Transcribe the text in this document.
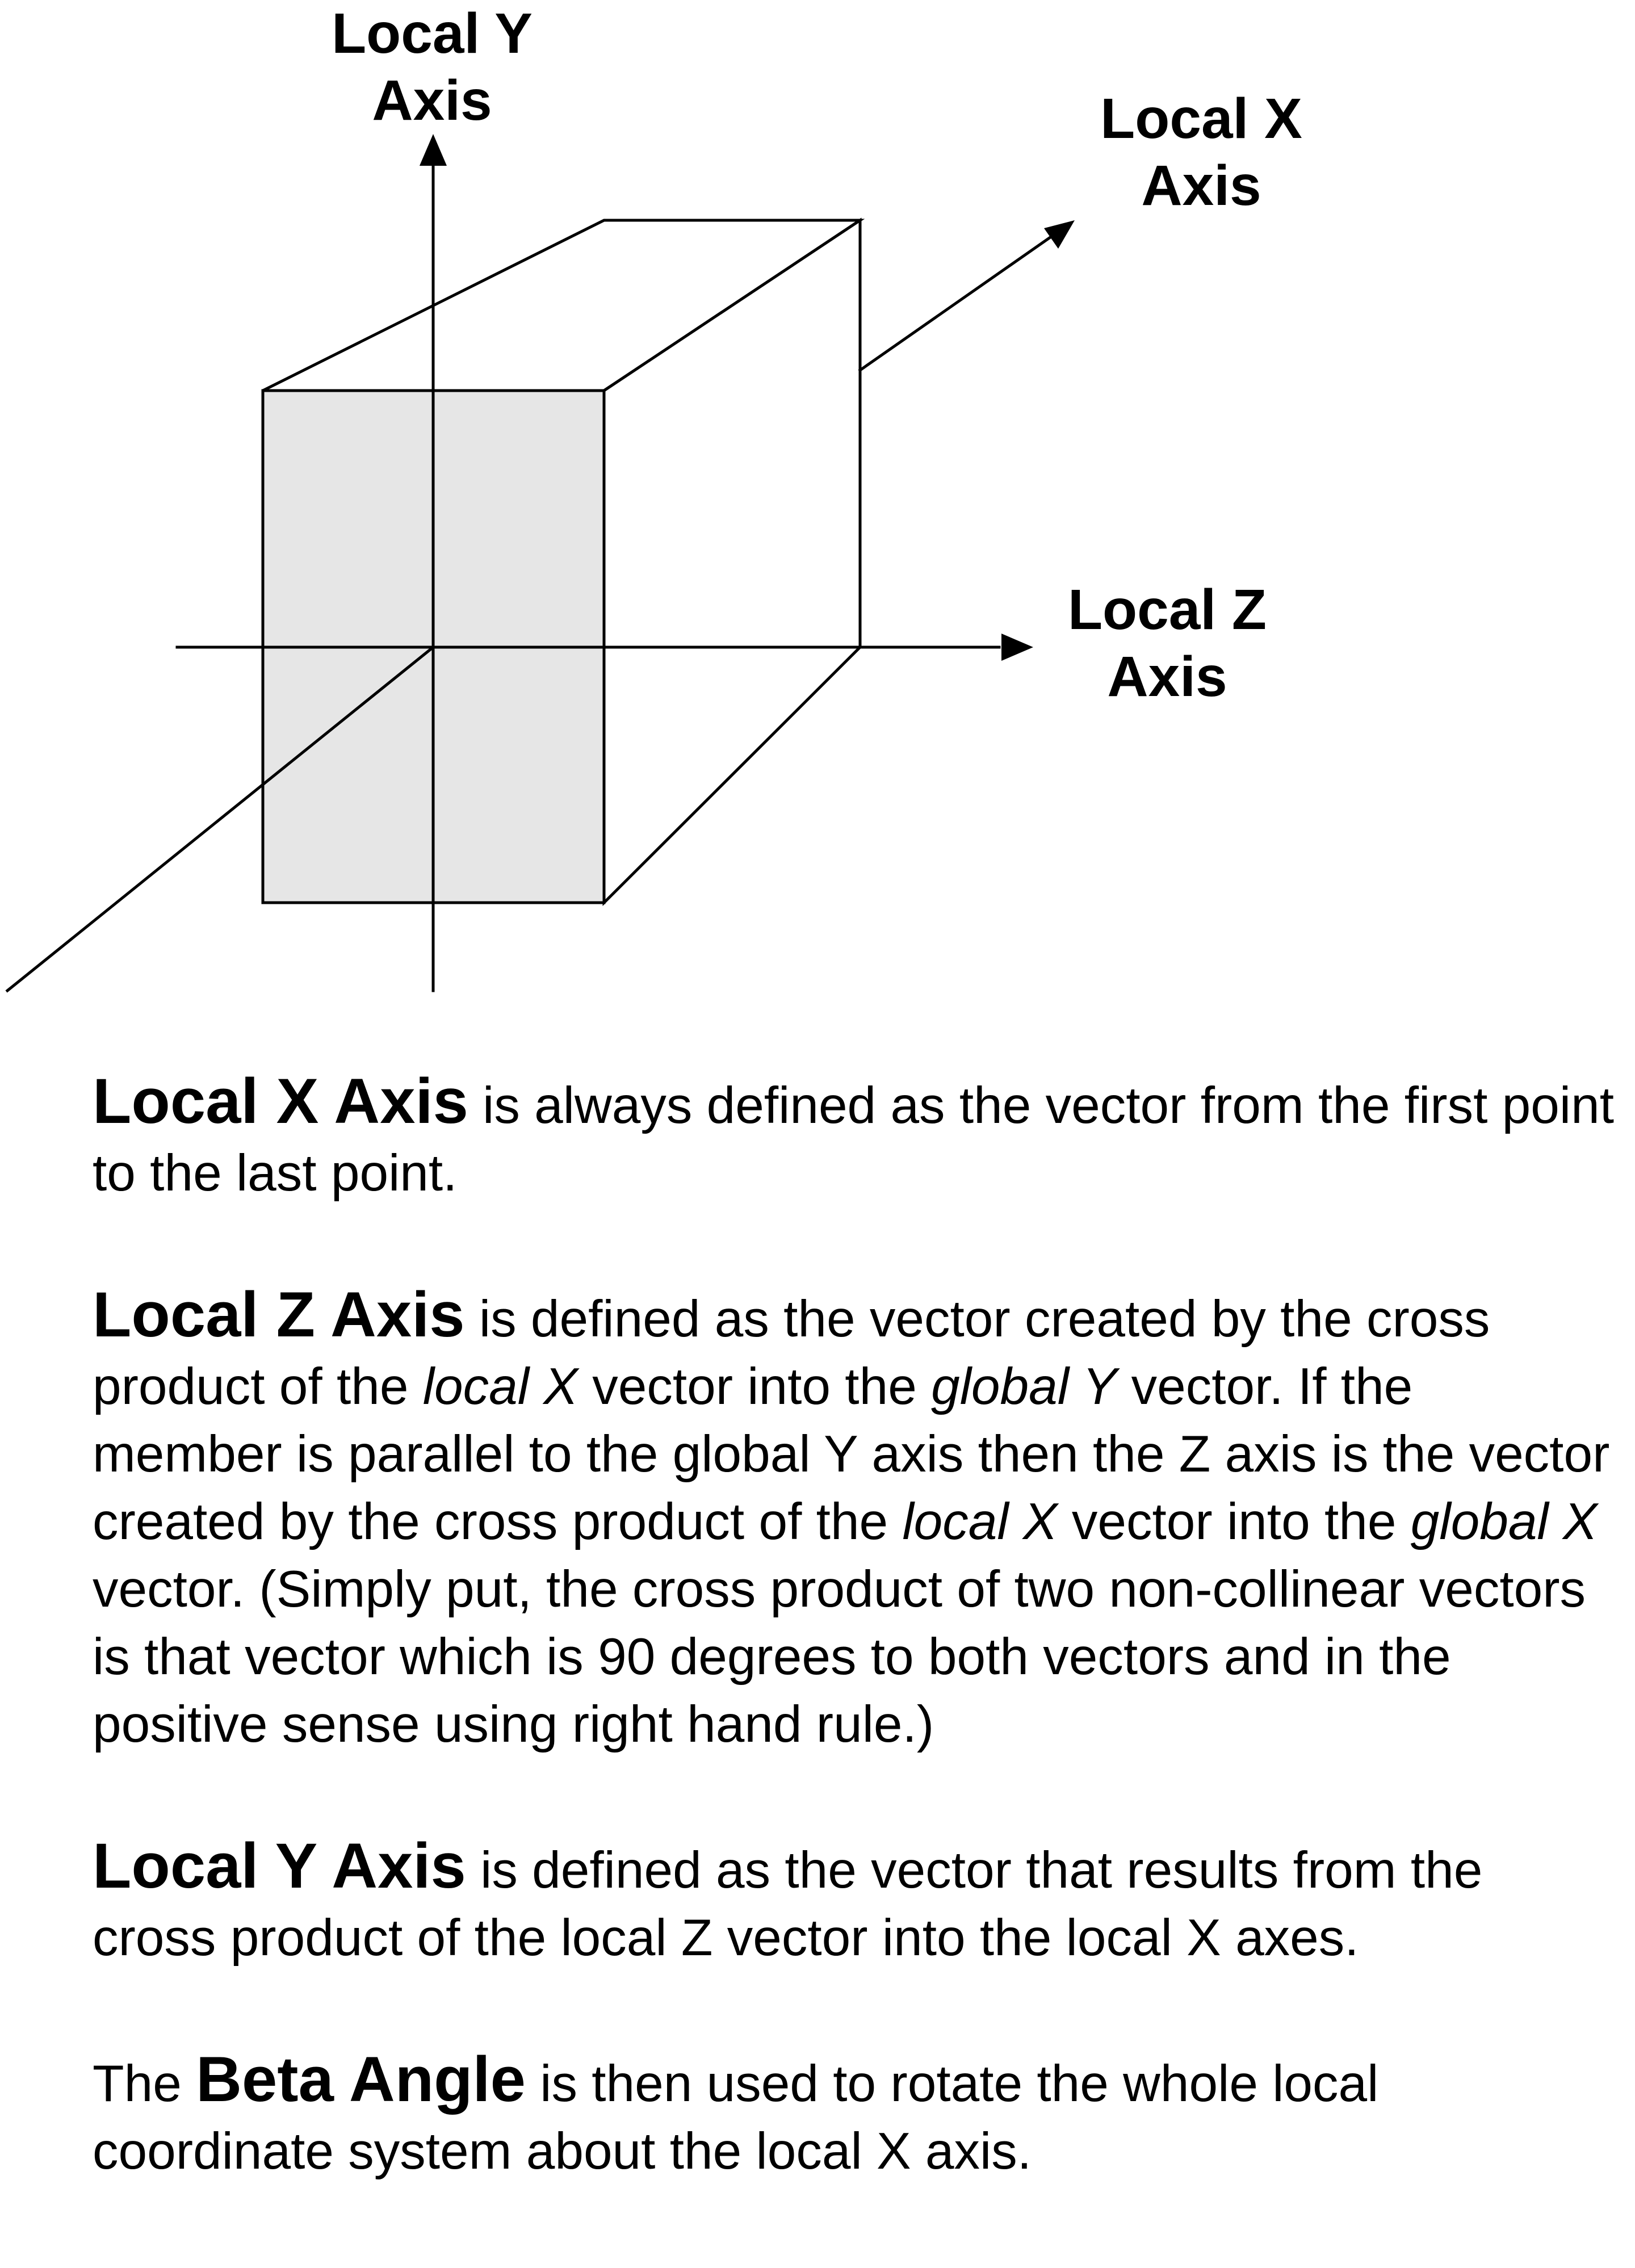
Local Y
Axis	Local X
Axis
Local Z
Axis

Local X Axis is always defined as the vector from the first point to the last point.

Local Z Axis is defined as the vector created by the cross product of the local X vector into the global Y vector. If the member is parallel to the global Y axis then the Z axis is the vector created by the cross product of the local X vector into the global X vector. (Simply put, the cross product of two non-collinear vectors is that vector which is 90 degrees to both vectors and in the positive sense using right hand rule.)

Local Y Axis is defined as the vector that results from the cross product of the local Z vector into the local X axes.

The Beta Angle is then used to rotate the whole local coordinate system about the local X axis.
